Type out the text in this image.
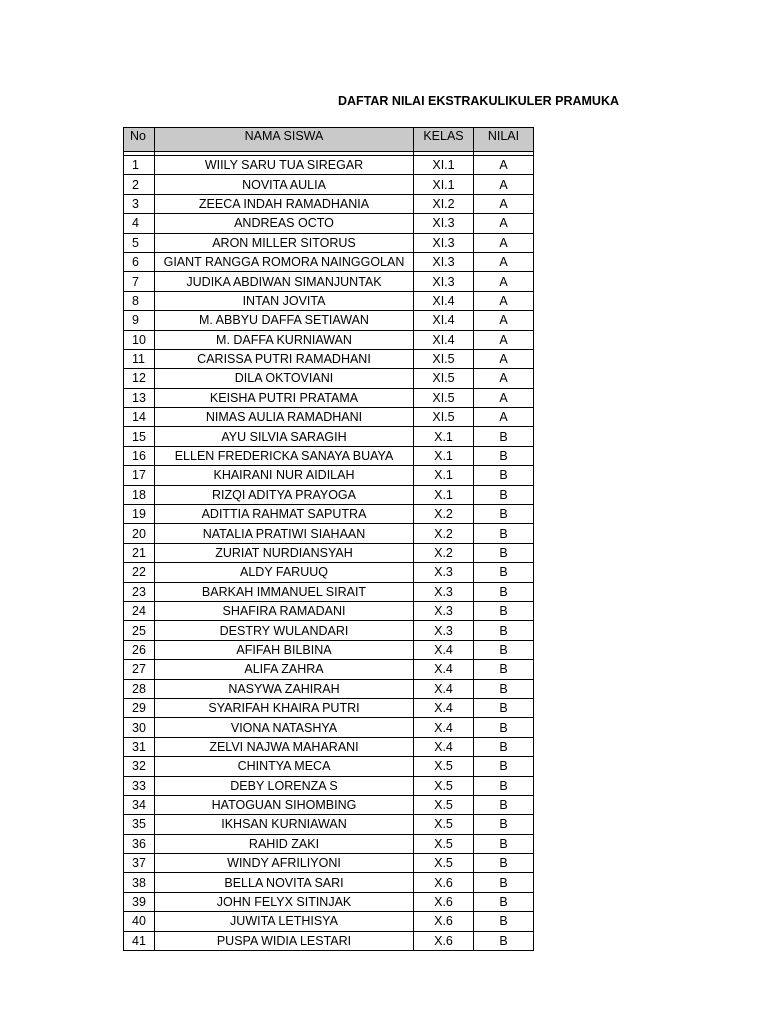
DAFTAR NILAI EKSTRAKULIKULER PRAMUKA
No	NAMA SISWA	KELAS	NILAI

1	WIILY SARU TUA SIREGAR	XI.1	A
2	NOVITA AULIA	XI.1	A
3	ZEECA INDAH RAMADHANIA	XI.2	A
4	ANDREAS OCTO	XI.3	A
5	ARON MILLER SITORUS	XI.3	A
6	GIANT RANGGA ROMORA NAINGGOLAN	XI.3	A
7	JUDIKA ABDIWAN SIMANJUNTAK	XI.3	A
8	INTAN JOVITA	XI.4	A
9	M. ABBYU DAFFA SETIAWAN	XI.4	A
10	M. DAFFA KURNIAWAN	XI.4	A
11	CARISSA PUTRI RAMADHANI	XI.5	A
12	DILA OKTOVIANI	XI.5	A
13	KEISHA PUTRI PRATAMA	XI.5	A
14	NIMAS AULIA RAMADHANI	XI.5	A
15	AYU SILVIA SARAGIH	X.1	B
16	ELLEN FREDERICKA SANAYA BUAYA	X.1	B
17	KHAIRANI NUR AIDILAH	X.1	B
18	RIZQI ADITYA PRAYOGA	X.1	B
19	ADITTIA RAHMAT SAPUTRA	X.2	B
20	NATALIA PRATIWI SIAHAAN	X.2	B
21	ZURIAT NURDIANSYAH	X.2	B
22	ALDY FARUUQ	X.3	B
23	BARKAH IMMANUEL SIRAIT	X.3	B
24	SHAFIRA RAMADANI	X.3	B
25	DESTRY WULANDARI	X.3	B
26	AFIFAH BILBINA	X.4	B
27	ALIFA ZAHRA	X.4	B
28	NASYWA ZAHIRAH	X.4	B
29	SYARIFAH KHAIRA PUTRI	X.4	B
30	VIONA NATASHYA	X.4	B
31	ZELVI NAJWA MAHARANI	X.4	B
32	CHINTYA MECA	X.5	B
33	DEBY LORENZA S	X.5	B
34	HATOGUAN SIHOMBING	X.5	B
35	IKHSAN KURNIAWAN	X.5	B
36	RAHID ZAKI	X.5	B
37	WINDY AFRILIYONI	X.5	B
38	BELLA NOVITA SARI	X.6	B
39	JOHN FELYX SITINJAK	X.6	B
40	JUWITA LETHISYA	X.6	B
41	PUSPA WIDIA LESTARI	X.6	B
